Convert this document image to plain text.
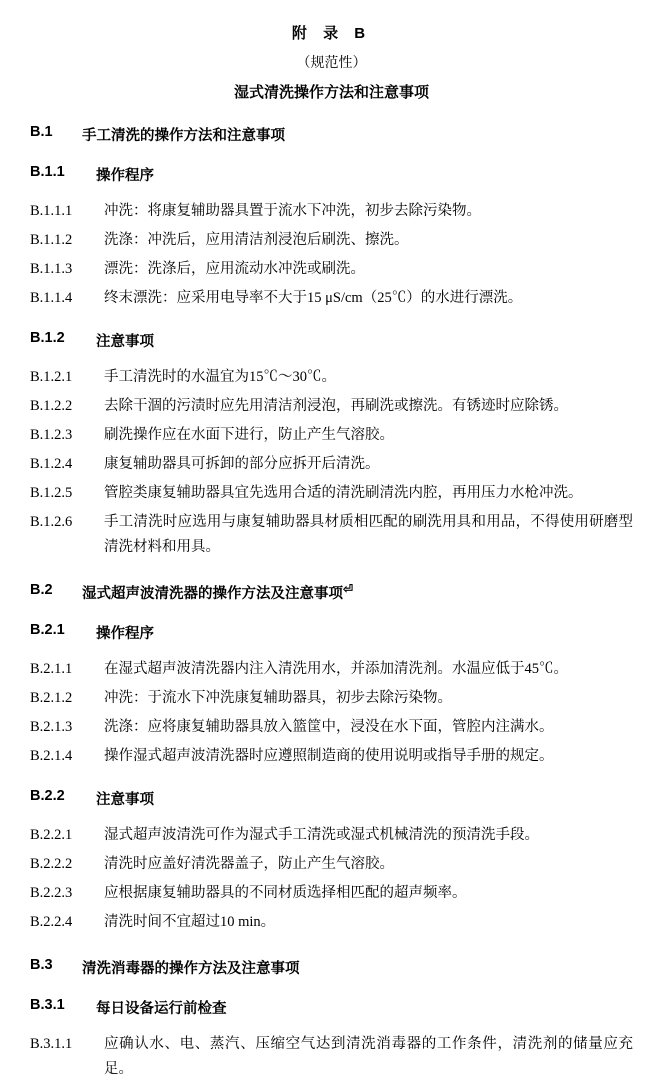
附 录 B
（规范性）
湿式清洗操作方法和注意事项
B.1	手工清洗的操作方法和注意事项
B.1.1	操作程序
B.1.1.1	冲洗：将康复辅助器具置于流水下冲洗，初步去除污染物。
B.1.1.2	洗涤：冲洗后，应用清洁剂浸泡后刷洗、擦洗。
B.1.1.3	漂洗：洗涤后，应用流动水冲洗或刷洗。
B.1.1.4	终末漂洗：应采用电导率不大于15 μS/cm（25℃）的水进行漂洗。
B.1.2	注意事项
B.1.2.1	手工清洗时的水温宜为15℃～30℃。
B.1.2.2	去除干涸的污渍时应先用清洁剂浸泡，再刷洗或擦洗。有锈迹时应除锈。
B.1.2.3	刷洗操作应在水面下进行，防止产生气溶胶。
B.1.2.4	康复辅助器具可拆卸的部分应拆开后清洗。
B.1.2.5	管腔类康复辅助器具宜先选用合适的清洗刷清洗内腔，再用压力水枪冲洗。
B.1.2.6	手工清洗时应选用与康复辅助器具材质相匹配的刷洗用具和用品，不得使用研磨型清洗材料和用具。
B.2	湿式超声波清洗器的操作方法及注意事项 ⏎
B.2.1	操作程序
B.2.1.1	在湿式超声波清洗器内注入清洗用水，并添加清洗剂。水温应低于45℃。
B.2.1.2	冲洗：于流水下冲洗康复辅助器具，初步去除污染物。
B.2.1.3	洗涤：应将康复辅助器具放入篮筐中，浸没在水下面，管腔内注满水。
B.2.1.4	操作湿式超声波清洗器时应遵照制造商的使用说明或指导手册的规定。
B.2.2	注意事项
B.2.2.1	湿式超声波清洗可作为湿式手工清洗或湿式机械清洗的预清洗手段。
B.2.2.2	清洗时应盖好清洗器盖子，防止产生气溶胶。
B.2.2.3	应根据康复辅助器具的不同材质选择相匹配的超声频率。
B.2.2.4	清洗时间不宜超过10 min。
B.3	清洗消毒器的操作方法及注意事项
B.3.1	每日设备运行前检查
B.3.1.1	应确认水、电、蒸汽、压缩空气达到清洗消毒器的工作条件，清洗剂的储量应充足。
